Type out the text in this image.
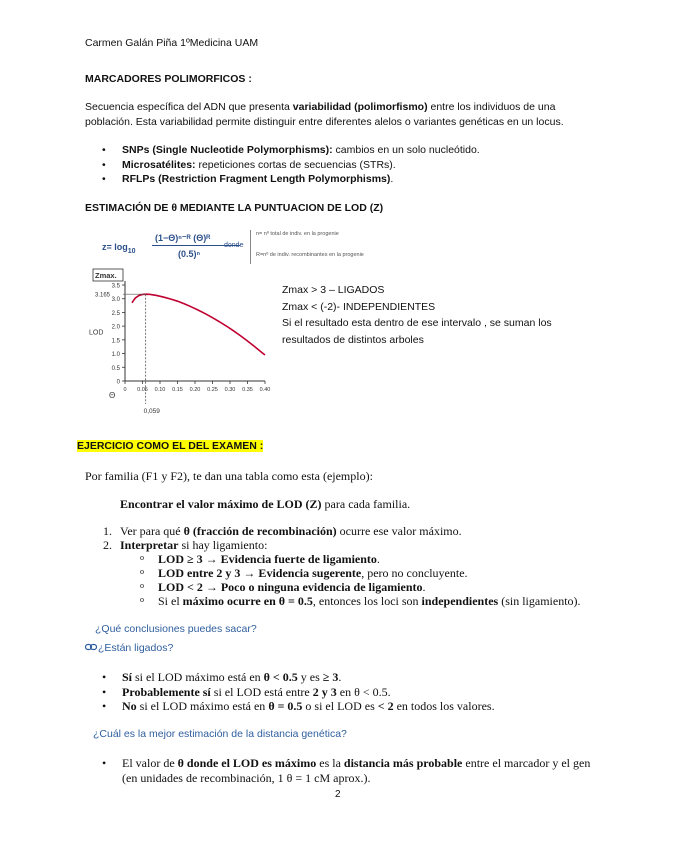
Carmen Galán Piña 1ºMedicina UAM
MARCADORES POLIMORFICOS :
Secuencia específica del ADN que presenta variabilidad (polimorfismo) entre los individuos de una
población. Esta variabilidad permite distinguir entre diferentes alelos o variantes genéticas en un locus.
• SNPs (Single Nucleotide Polymorphisms): cambios en un solo nucleótido.
• Microsatélites: repeticiones cortas de secuencias (STRs).
• RFLPs (Restriction Fragment Length Polymorphisms).
ESTIMACIÓN DE θ MEDIANTE LA PUNTUACION DE LOD (Z)
$z= \log_{10}$
(1−Θ)ⁿ⁻ᴿ (Θ)ᴿ
(0.5)ⁿ
donde
n= nº total de indiv. en la progenie
R=nº de indiv. recombinantes en la progenie
0
0.5
1.0
1.5
2.0
2.5
3.0
3.5
0 0.05 0.10 0.15 0.20 0.25 0.30 0.35 0.40
LOD
Θ
Zmax.
3.165
0,059
Zmax > 3 – LIGADOS
Zmax < (-2)- INDEPENDIENTES
Si el resultado esta dentro de ese intervalo , se suman los
resultados de distintos arboles
EJERCICIO COMO EL DEL EXAMEN :
Por familia (F1 y F2), te dan una tabla como esta (ejemplo):
Encontrar el valor máximo de LOD (Z) para cada familia.
1. Ver para qué θ (fracción de recombinación) ocurre ese valor máximo.
2. Interpretar si hay ligamiento:
o LOD ≥ 3 → Evidencia fuerte de ligamiento.
o LOD entre 2 y 3 → Evidencia sugerente, pero no concluyente.
o LOD < 2 → Poco o ninguna evidencia de ligamiento.
o Si el máximo ocurre en θ = 0.5, entonces los loci son independientes (sin ligamiento).
¿Qué conclusiones puedes sacar?
¿Están ligados?
• Sí si el LOD máximo está en θ < 0.5 y es ≥ 3.
• Probablemente sí si el LOD está entre 2 y 3 en θ < 0.5.
• No si el LOD máximo está en θ = 0.5 o si el LOD es < 2 en todos los valores.
¿Cuál es la mejor estimación de la distancia genética?
• El valor de θ donde el LOD es máximo es la distancia más probable entre el marcador y el gen
(en unidades de recombinación, 1 θ = 1 cM aprox.).
2
